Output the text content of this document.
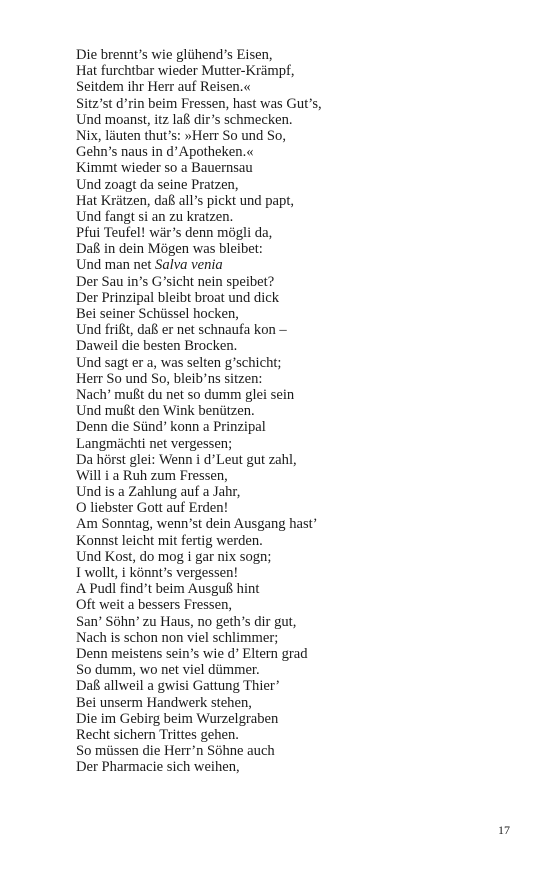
Die brennt’s wie glühend’s Eisen,
Hat furchtbar wieder Mutter-Krämpf,
Seitdem ihr Herr auf Reisen.«
Sitz’st d’rin beim Fressen, hast was Gut’s,
Und moanst, itz laß dir’s schmecken.
Nix, läuten thut’s: »Herr So und So,
Gehn’s naus in d’Apotheken.«
Kimmt wieder so a Bauernsau
Und zoagt da seine Pratzen,
Hat Krätzen, daß all’s pickt und papt,
Und fangt si an zu kratzen.
Pfui Teufel! wär’s denn mögli da,
Daß in dein Mögen was bleibet:
Und man net Salva venia
Der Sau in’s G’sicht nein speibet?
Der Prinzipal bleibt broat und dick
Bei seiner Schüssel hocken,
Und frißt, daß er net schnaufa kon –
Daweil die besten Brocken.
Und sagt er a, was selten g’schicht;
Herr So und So, bleib’ns sitzen:
Nach’ mußt du net so dumm glei sein
Und mußt den Wink benützen.
Denn die Sünd’ konn a Prinzipal
Langmächti net vergessen;
Da hörst glei: Wenn i d’Leut gut zahl,
Will i a Ruh zum Fressen,
Und is a Zahlung auf a Jahr,
O liebster Gott auf Erden!
Am Sonntag, wenn’st dein Ausgang hast’
Konnst leicht mit fertig werden.
Und Kost, do mog i gar nix sogn;
I wollt, i könnt’s vergessen!
A Pudl find’t beim Ausguß hint
Oft weit a bessers Fressen,
San’ Söhn’ zu Haus, no geth’s dir gut,
Nach is schon non viel schlimmer;
Denn meistens sein’s wie d’ Eltern grad
So dumm, wo net viel dümmer.
Daß allweil a gwisi Gattung Thier’
Bei unserm Handwerk stehen,
Die im Gebirg beim Wurzelgraben
Recht sichern Trittes gehen.
So müssen die Herr’n Söhne auch
Der Pharmacie sich weihen,
17
